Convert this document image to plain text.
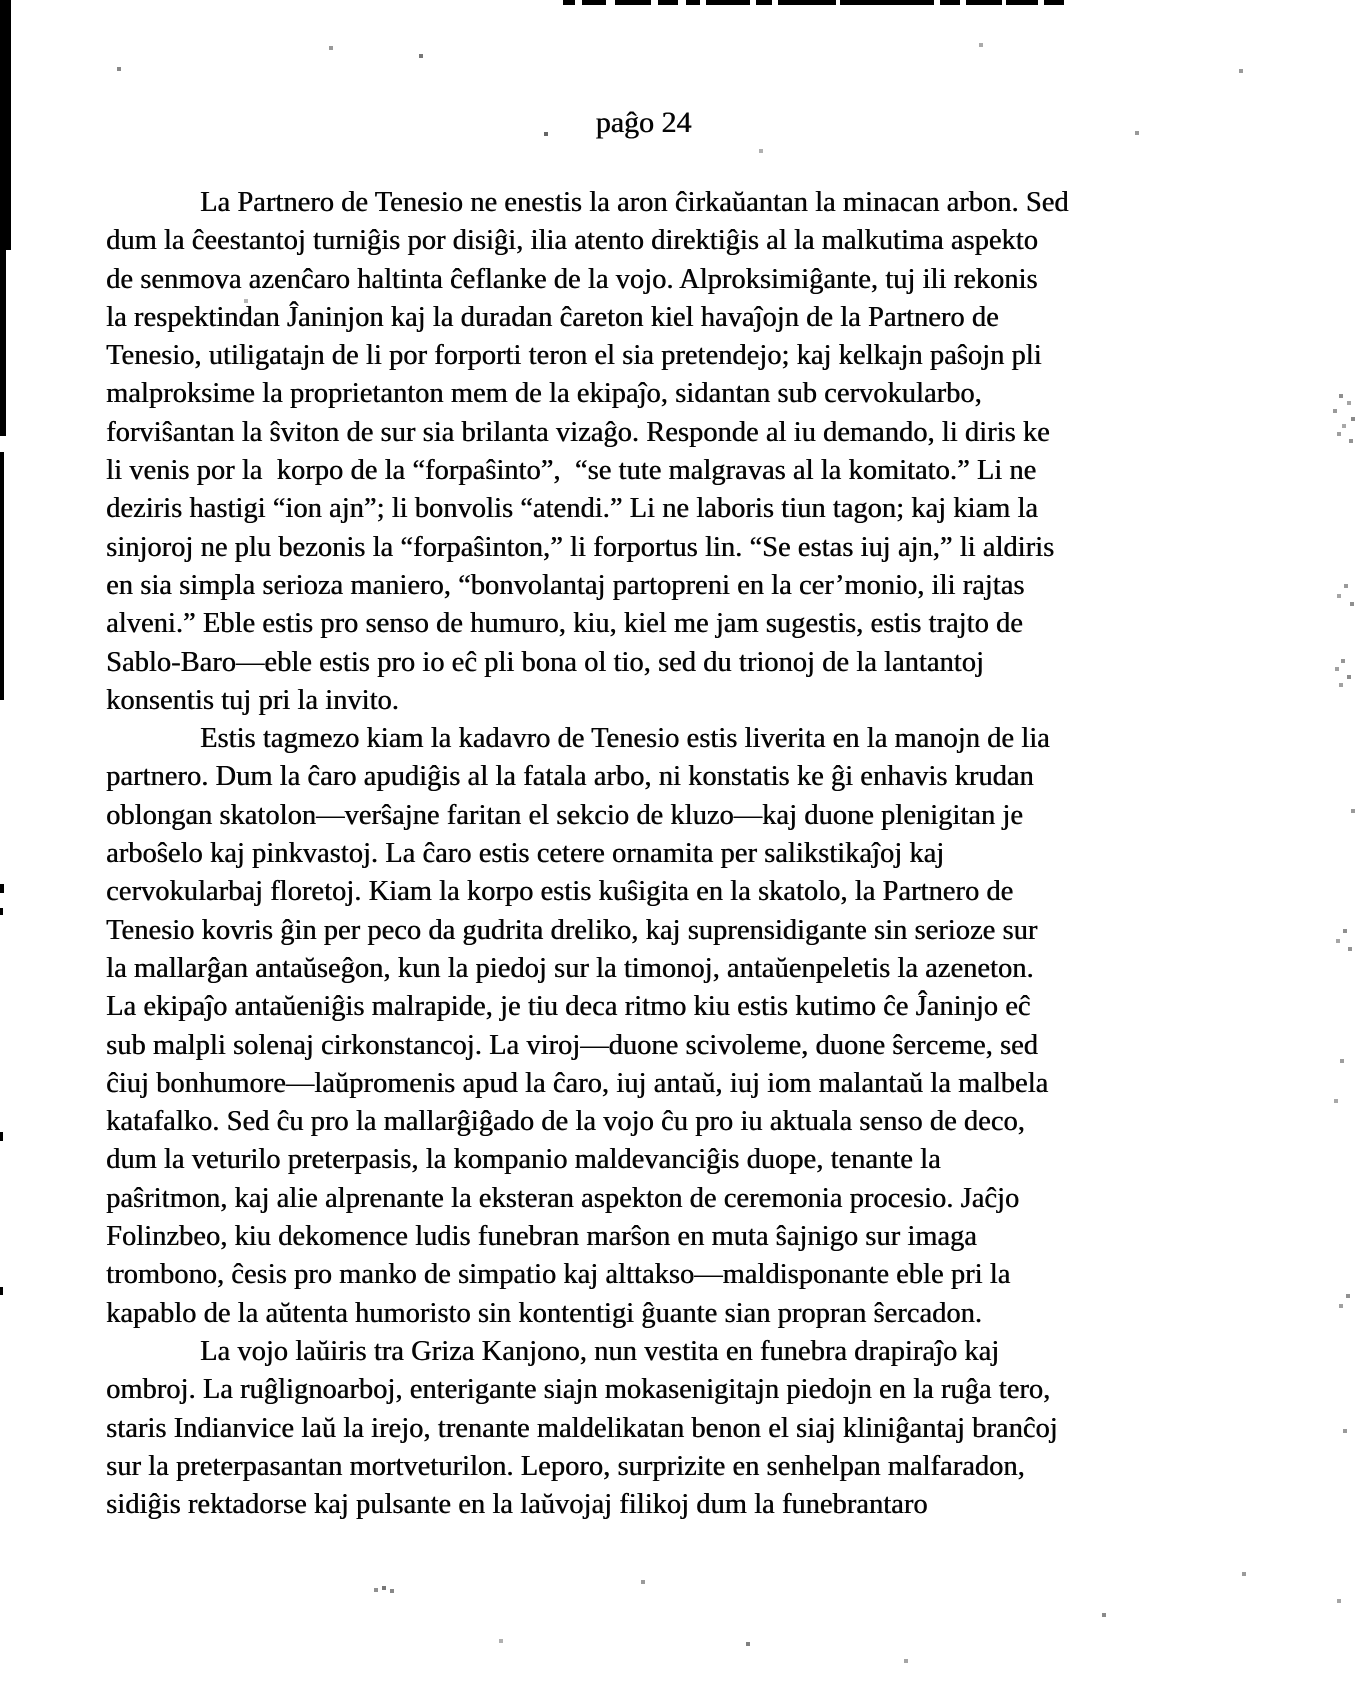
paĝo 24
La Partnero de Tenesio ne enestis la aron ĉirkaŭantan la minacan arbon. Sed
dum la ĉeestantoj turniĝis por disiĝi, ilia atento direktiĝis al la malkutima aspekto
de senmova azenĉaro haltinta ĉeflanke de la vojo. Alproksimiĝante, tuj ili rekonis
la respektindan Ĵaninjon kaj la duradan ĉareton kiel havaĵojn de la Partnero de
Tenesio, utiligatajn de li por forporti teron el sia pretendejo; kaj kelkajn paŝojn pli
malproksime la proprietanton mem de la ekipaĵo, sidantan sub cervokularbo,
forviŝantan la ŝviton de sur sia brilanta vizaĝo. Responde al iu demando, li diris ke
li venis por la  korpo de la “forpaŝinto”,  “se tute malgravas al la komitato.” Li ne
deziris hastigi “ion ajn”; li bonvolis “atendi.” Li ne laboris tiun tagon; kaj kiam la
sinjoroj ne plu bezonis la “forpaŝinton,” li forportus lin. “Se estas iuj ajn,” li aldiris
en sia simpla serioza maniero, “bonvolantaj partopreni en la cer’monio, ili rajtas
alveni.” Eble estis pro senso de humuro, kiu, kiel me jam sugestis, estis trajto de
Sablo-Baro—eble estis pro io eĉ pli bona ol tio, sed du trionoj de la lantantoj
konsentis tuj pri la invito.
Estis tagmezo kiam la kadavro de Tenesio estis liverita en la manojn de lia
partnero. Dum la ĉaro apudiĝis al la fatala arbo, ni konstatis ke ĝi enhavis krudan
oblongan skatolon—verŝajne faritan el sekcio de kluzo—kaj duone plenigitan je
arboŝelo kaj pinkvastoj. La ĉaro estis cetere ornamita per salikstikaĵoj kaj
cervokularbaj floretoj. Kiam la korpo estis kuŝigita en la skatolo, la Partnero de
Tenesio kovris ĝin per peco da gudrita dreliko, kaj suprensidigante sin serioze sur
la mallarĝan antaŭseĝon, kun la piedoj sur la timonoj, antaŭenpeletis la azeneton.
La ekipaĵo antaŭeniĝis malrapide, je tiu deca ritmo kiu estis kutimo ĉe Ĵaninjo eĉ
sub malpli solenaj cirkonstancoj. La viroj—duone scivoleme, duone ŝerceme, sed
ĉiuj bonhumore—laŭpromenis apud la ĉaro, iuj antaŭ, iuj iom malantaŭ la malbela
katafalko. Sed ĉu pro la mallarĝiĝado de la vojo ĉu pro iu aktuala senso de deco,
dum la veturilo preterpasis, la kompanio maldevanciĝis duope, tenante la
paŝritmon, kaj alie alprenante la eksteran aspekton de ceremonia procesio. Jaĉjo
Folinzbeo, kiu dekomence ludis funebran marŝon en muta ŝajnigo sur imaga
trombono, ĉesis pro manko de simpatio kaj alttakso—maldisponante eble pri la
kapablo de la aŭtenta humoristo sin kontentigi ĝuante sian propran ŝercadon.
La vojo laŭiris tra Griza Kanjono, nun vestita en funebra drapiraĵo kaj
ombroj. La ruĝlignoarboj, enterigante siajn mokasenigitajn piedojn en la ruĝa tero,
staris Indianvice laŭ la irejo, trenante maldelikatan benon el siaj kliniĝantaj branĉoj
sur la preterpasantan mortveturilon. Leporo, surprizite en senhelpan malfaradon,
sidiĝis rektadorse kaj pulsante en la laŭvojaj filikoj dum la funebrantaro
